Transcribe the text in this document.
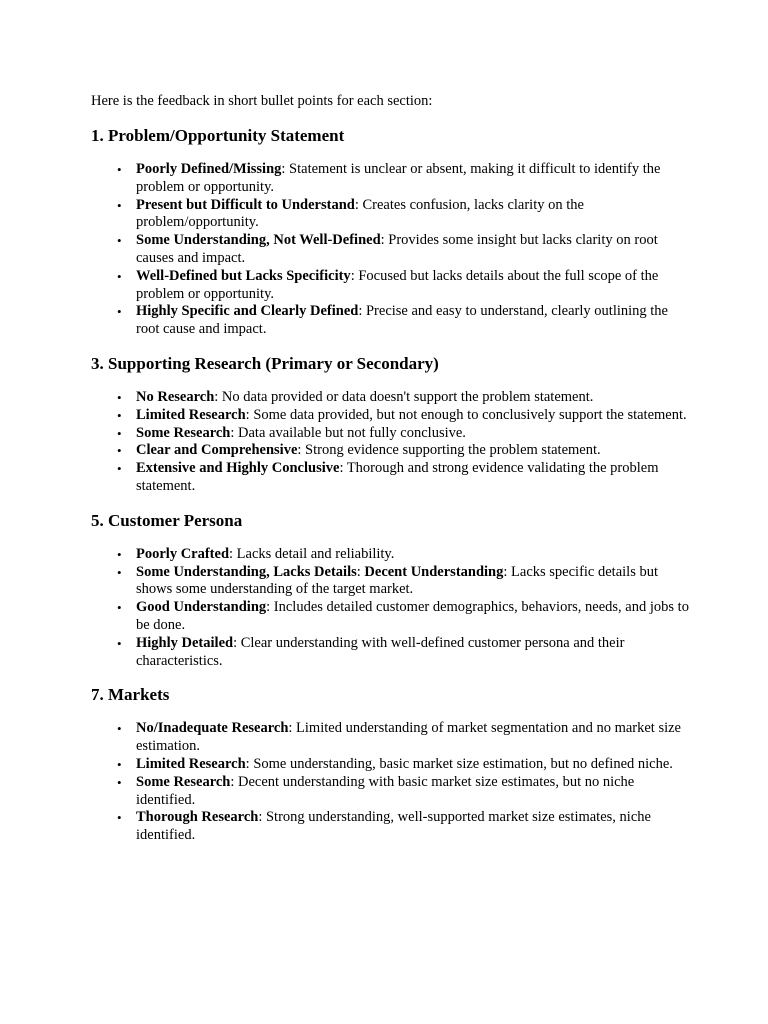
Here is the feedback in short bullet points for each section:

1. Problem/Opportunity Statement
• Poorly Defined/Missing: Statement is unclear or absent, making it difficult to identify the problem or opportunity.
• Present but Difficult to Understand: Creates confusion, lacks clarity on the problem/opportunity.
• Some Understanding, Not Well-Defined: Provides some insight but lacks clarity on root causes and impact.
• Well-Defined but Lacks Specificity: Focused but lacks details about the full scope of the problem or opportunity.
• Highly Specific and Clearly Defined: Precise and easy to understand, clearly outlining the root cause and impact.
3. Supporting Research (Primary or Secondary)
• No Research: No data provided or data doesn't support the problem statement.
• Limited Research: Some data provided, but not enough to conclusively support the statement.
• Some Research: Data available but not fully conclusive.
• Clear and Comprehensive: Strong evidence supporting the problem statement.
• Extensive and Highly Conclusive: Thorough and strong evidence validating the problem statement.
5. Customer Persona
• Poorly Crafted: Lacks detail and reliability.
• Some Understanding, Lacks Details: Decent Understanding: Lacks specific details but shows some understanding of the target market.
• Good Understanding: Includes detailed customer demographics, behaviors, needs, and jobs to be done.
• Highly Detailed: Clear understanding with well-defined customer persona and their characteristics.
7. Markets
• No/Inadequate Research: Limited understanding of market segmentation and no market size estimation.
• Limited Research: Some understanding, basic market size estimation, but no defined niche.
• Some Research: Decent understanding with basic market size estimates, but no niche identified.
• Thorough Research: Strong understanding, well-supported market size estimates, niche identified.
